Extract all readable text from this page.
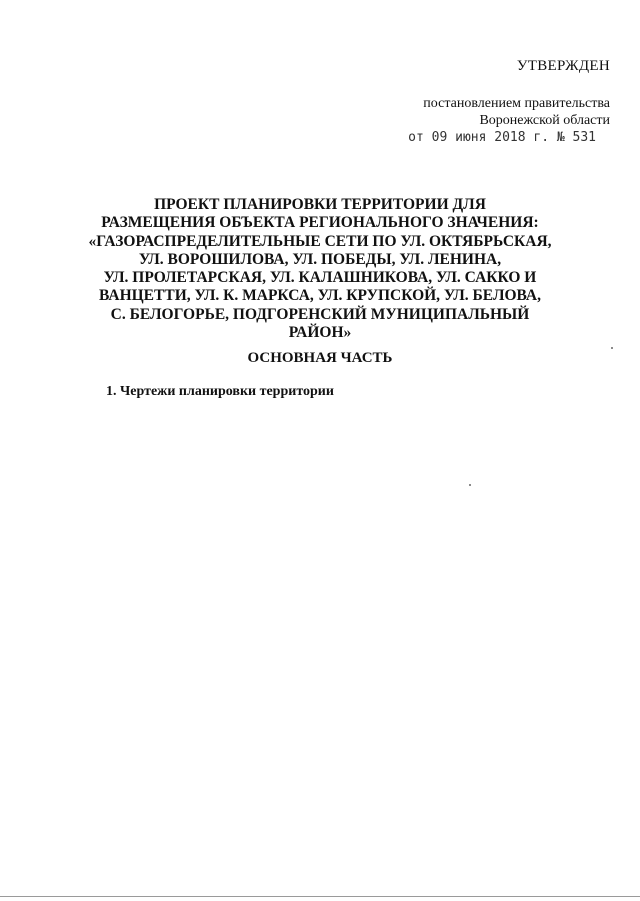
УТВЕРЖДЕН
постановлением правительства
Воронежской области
от 09 июня 2018 г. № 531
ПРОЕКТ ПЛАНИРОВКИ ТЕРРИТОРИИ ДЛЯ
РАЗМЕЩЕНИЯ ОБЪЕКТА РЕГИОНАЛЬНОГО ЗНАЧЕНИЯ:
«ГАЗОРАСПРЕДЕЛИТЕЛЬНЫЕ СЕТИ ПО УЛ. ОКТЯБРЬСКАЯ,
УЛ. ВОРОШИЛОВА, УЛ. ПОБЕДЫ, УЛ. ЛЕНИНА,
УЛ. ПРОЛЕТАРСКАЯ, УЛ. КАЛАШНИКОВА, УЛ. САККО И
ВАНЦЕТТИ, УЛ. К. МАРКСА, УЛ. КРУПСКОЙ, УЛ. БЕЛОВА,
С. БЕЛОГОРЬЕ, ПОДГОРЕНСКИЙ МУНИЦИПАЛЬНЫЙ
РАЙОН»
ОСНОВНАЯ ЧАСТЬ
1. Чертежи планировки территории
